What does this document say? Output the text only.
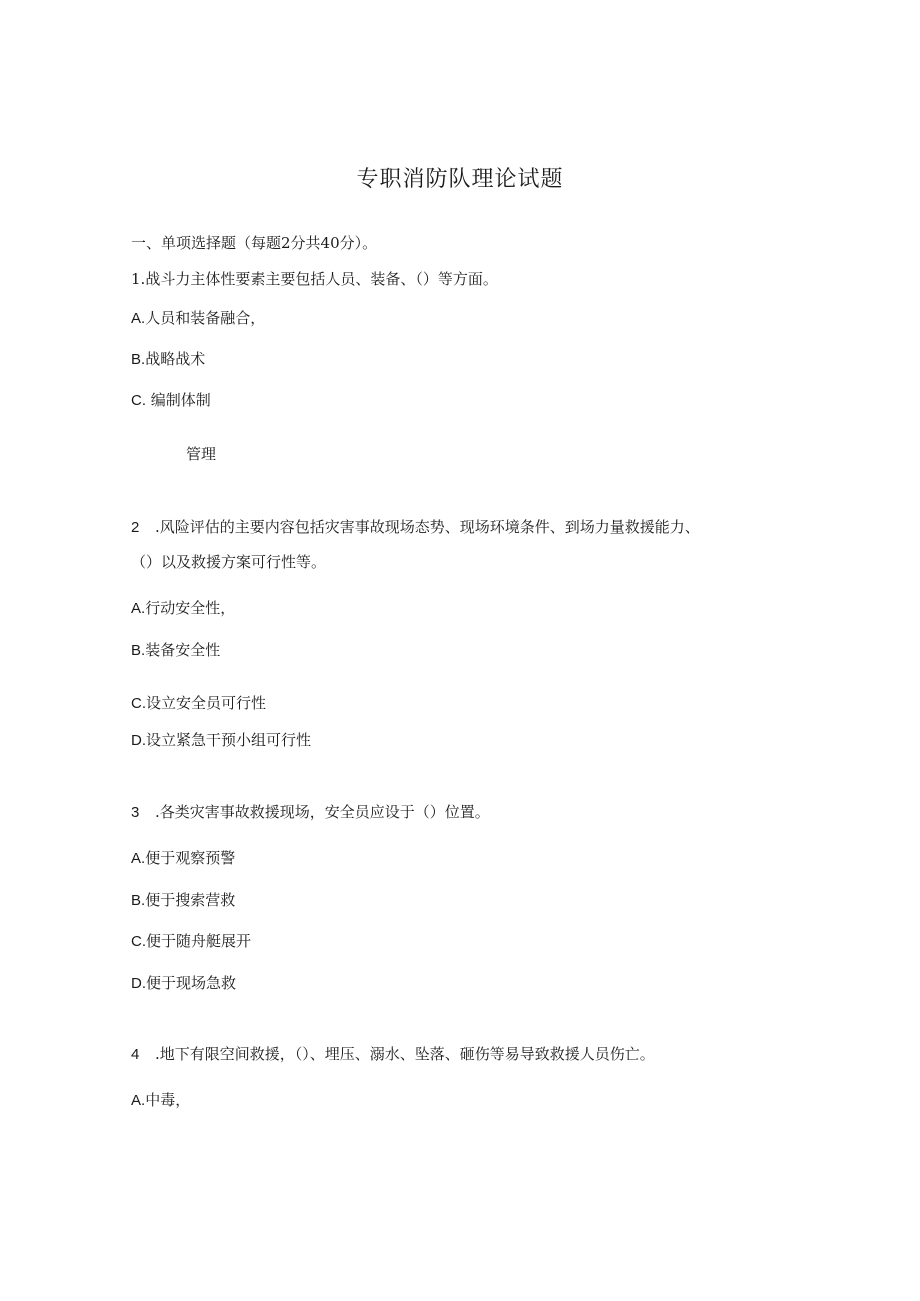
专职消防队理论试题
一、单项选择题（每题2分共40分）。
1.战斗力主体性要素主要包括人员、装备、（）等方面。
A.人员和装备融合，
B.战略战术
C. 编制体制
管理
2 .风险评估的主要内容包括灾害事故现场态势、现场环境条件、到场力量救援能力、
（）以及救援方案可行性等。
A.行动安全性，
B.装备安全性
C.设立安全员可行性
D.设立紧急干预小组可行性
3 .各类灾害事故救援现场，安全员应设于（）位置。
A.便于观察预警
B.便于搜索营救
C.便于随舟艇展开
D.便于现场急救
4 .地下有限空间救援，（）、埋压、溺水、坠落、砸伤等易导致救援人员伤亡。
A.中毒，
